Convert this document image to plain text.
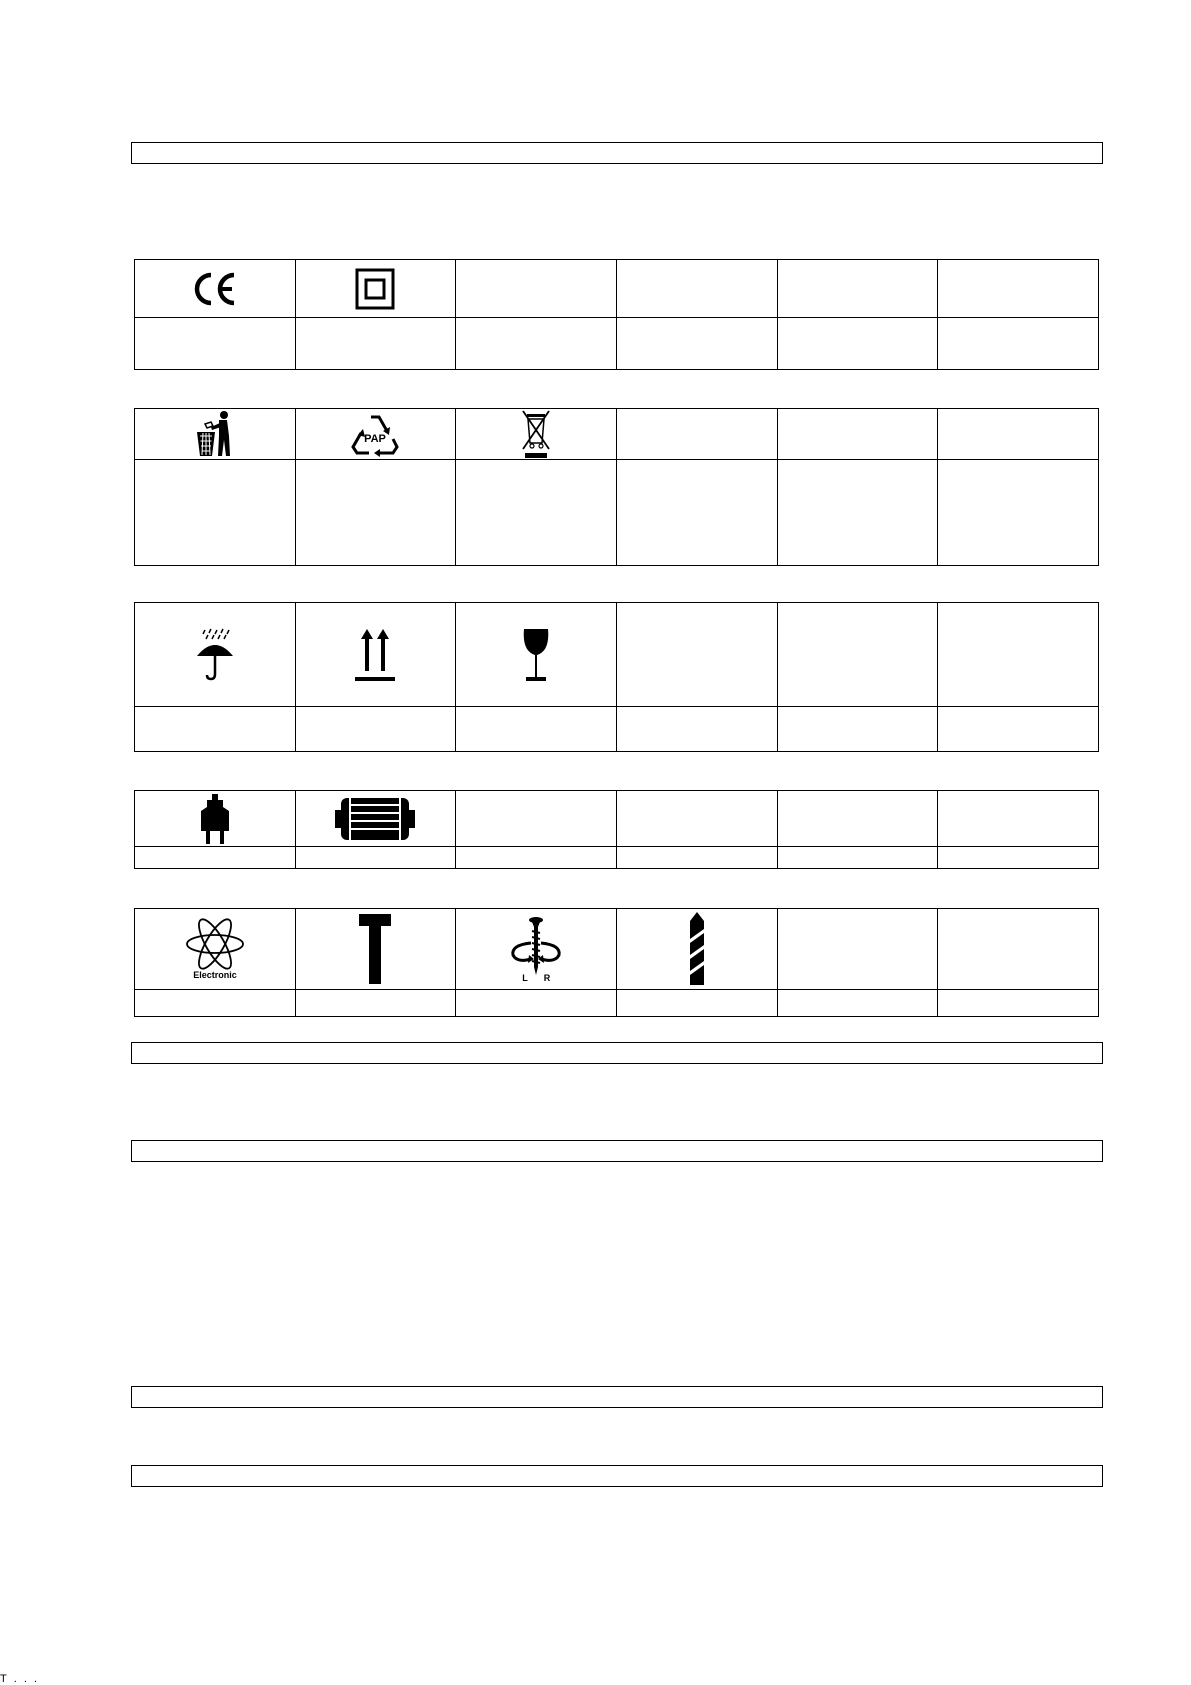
PAP

Electronic		L R

Т . . .
